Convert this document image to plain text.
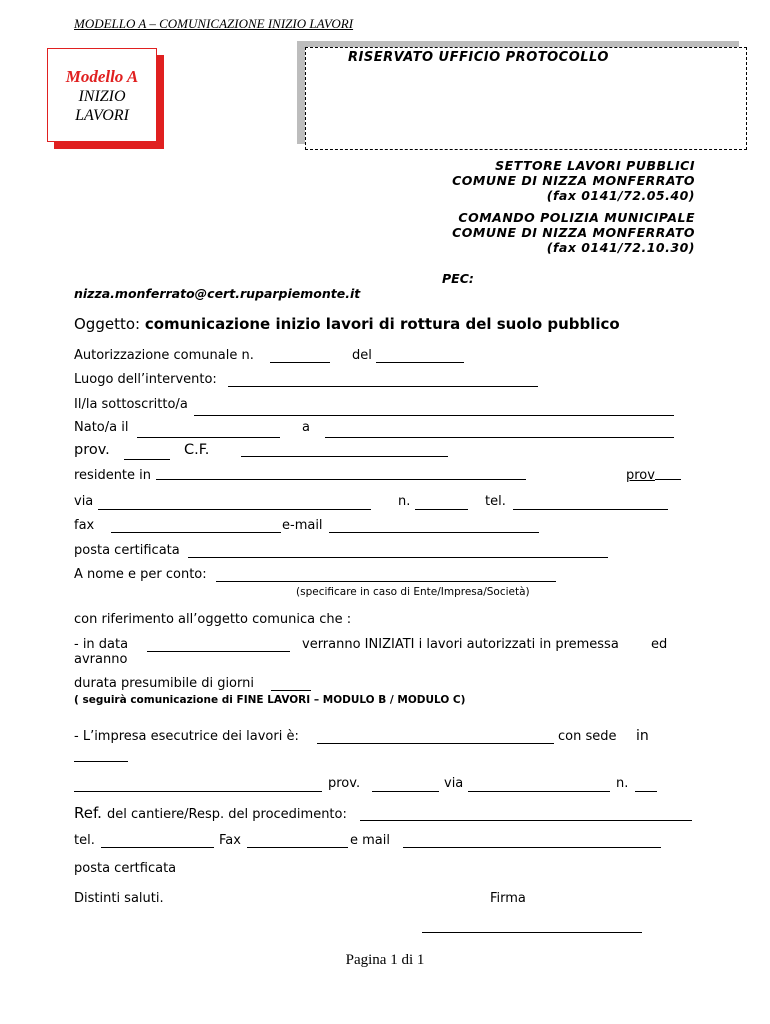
MODELLO A – COMUNICAZIONE INIZIO LAVORI
Modello A
INIZIO
LAVORI
RISERVATO UFFICIO PROTOCOLLO
SETTORE LAVORI PUBBLICI
COMUNE DI NIZZA MONFERRATO
(fax 0141/72.05.40)
COMANDO POLIZIA MUNICIPALE
COMUNE DI NIZZA MONFERRATO
(fax 0141/72.10.30)
PEC:
nizza.monferrato@cert.ruparpiemonte.it
Oggetto: comunicazione inizio lavori di rottura del suolo pubblico
Autorizzazione comunale n.	del
Luogo dell’intervento:
Il/la sottoscritto/a
Nato/a il	a
prov.	C.F.
residente in	prov
via	n.	tel.
fax	e-mail
posta certificata
A nome e per conto:
(specificare in caso di Ente/Impresa/Società)
con riferimento all’oggetto comunica che :
- in data	verranno INIZIATI i lavori autorizzati in premessa ed
avranno
durata presumibile di giorni
( seguirà comunicazione di FINE LAVORI – MODULO B / MODULO C)
- L’impresa esecutrice dei lavori è:	con sede in
prov.	via	n.
Ref. del cantiere/Resp. del procedimento:
tel.	Fax	e mail
posta certficata
Distinti saluti.	Firma
Pagina 1 di 1
